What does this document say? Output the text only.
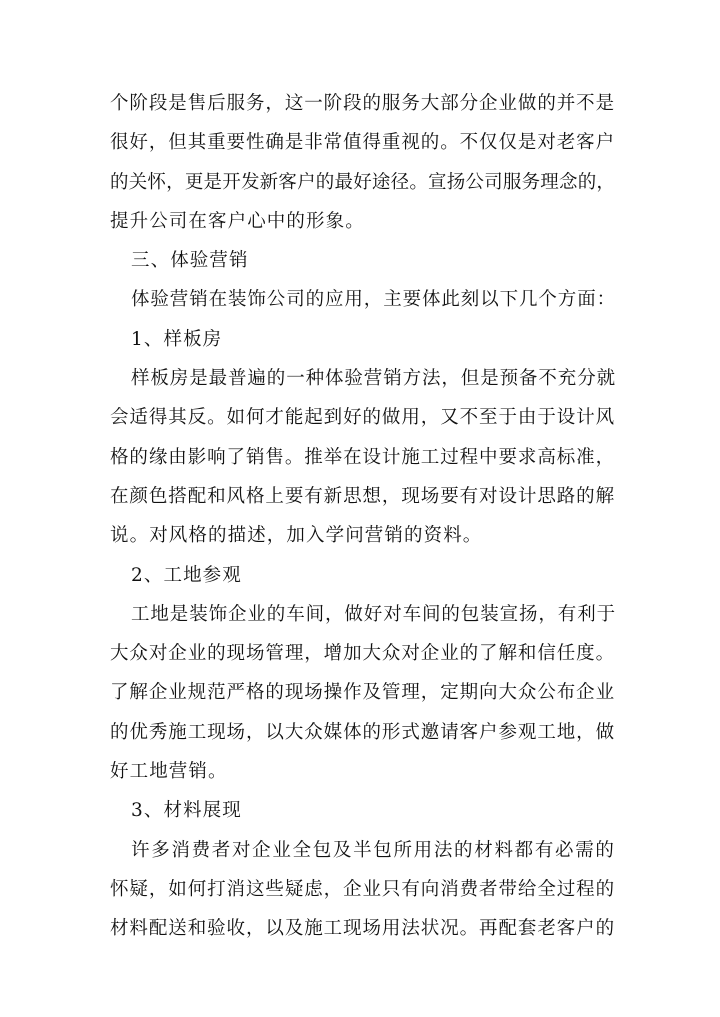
个阶段是售后服务，这一阶段的服务大部分企业做的并不是
很好，但其重要性确是非常值得重视的。不仅仅是对老客户
的关怀，更是开发新客户的最好途径。宣扬公司服务理念的，
提升公司在客户心中的形象。
三、体验营销
体验营销在装饰公司的应用，主要体此刻以下几个方面：
1、样板房
样板房是最普遍的一种体验营销方法，但是预备不充分就
会适得其反。如何才能起到好的做用，又不至于由于设计风
格的缘由影响了销售。推举在设计施工过程中要求高标准，
在颜色搭配和风格上要有新思想，现场要有对设计思路的解
说。对风格的描述，加入学问营销的资料。
2、工地参观
工地是装饰企业的车间，做好对车间的包装宣扬，有利于
大众对企业的现场管理，增加大众对企业的了解和信任度。
了解企业规范严格的现场操作及管理，定期向大众公布企业
的优秀施工现场，以大众媒体的形式邀请客户参观工地，做
好工地营销。
3、材料展现
许多消费者对企业全包及半包所用法的材料都有必需的
怀疑，如何打消这些疑虑，企业只有向消费者带给全过程的
材料配送和验收，以及施工现场用法状况。再配套老客户的
